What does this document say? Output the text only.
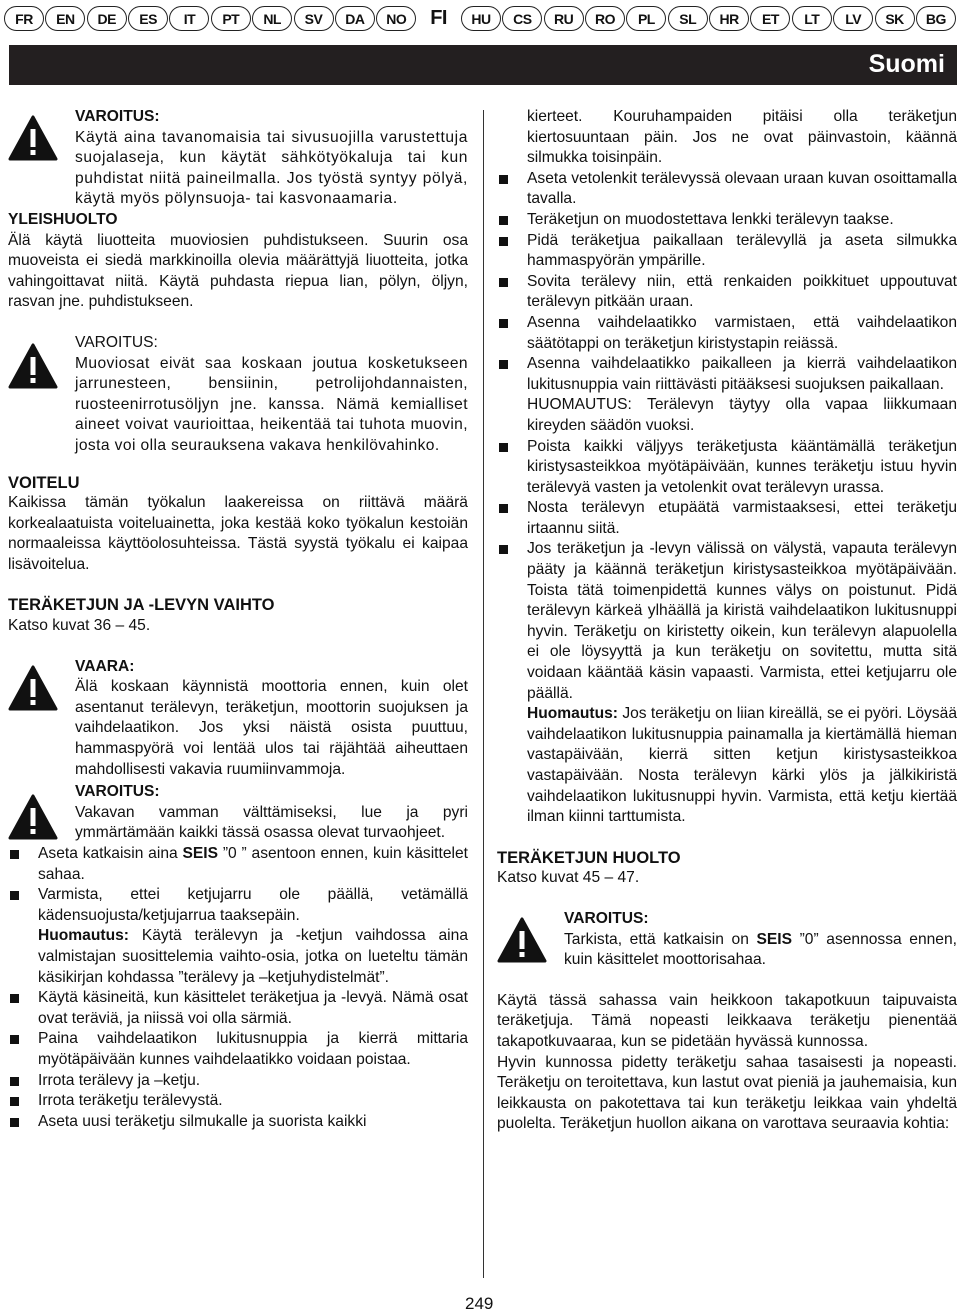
FR	EN	DE	ES	IT	PT	NL	SV	DA	NO	FI	HU	CS	RU	RO	PL	SL	HR	ET	LT	LV	SK	BG
Suomi
VAROITUS:

Käytä aina tavanomaisia tai sivusuojilla varustettuja suojalaseja, kun käytät sähkötyökaluja tai kun puhdistat niitä paineilmalla. Jos työstä syntyy pölyä, käytä myös pölynsuoja- tai kasvonaamaria.

YLEISHUOLTO

Älä käytä liuotteita muoviosien puhdistukseen. Suurin osa muoveista ei siedä markkinoilla olevia määrättyjä liuotteita, jotka vahingoittavat niitä. Käytä puhdasta riepua lian, pölyn, öljyn, rasvan jne. puhdistukseen.

VAROITUS:

Muoviosat eivät saa koskaan joutua kosketukseen jarrunesteen, bensiinin, petrolijohdannaisten, ruosteenirrotusöljyn jne. kanssa. Nämä kemialliset aineet voivat vaurioittaa, heikentää tai tuhota muovin, josta voi olla seurauksena vakava henkilövahinko.

VOITELU

Kaikissa tämän työkalun laakereissa on riittävä määrä korkealaatuista voiteluainetta, joka kestää koko työkalun kestoiän normaaleissa käyttöolosuhteissa. Tästä syystä työkalu ei kaipaa lisävoitelua.

TERÄKETJUN JA -LEVYN VAIHTO
Katso kuvat 36 – 45.
VAARA:

Älä koskaan käynnistä moottoria ennen, kuin olet asentanut terälevyn, teräketjun, moottorin suojuksen ja vaihdelaatikon. Jos yksi näistä osista puuttuu, hammaspyörä voi lentää ulos tai räjähtää aiheuttaen mahdollisesti vakavia ruumiinvammoja.

VAROITUS:

Vakavan vamman välttämiseksi, lue ja pyri ymmärtämään kaikki tässä osassa olevat turvaohjeet.

Aseta katkaisin aina SEIS ”0 ” asentoon ennen, kuin käsittelet sahaa.
Varmista, ettei ketjujarru ole päällä, vetämällä kädensuojusta/ketjujarrua taaksepäin.

Huomautus: Käytä terälevyn ja -ketjun vaihdossa aina valmistajan suosittelemia vaihto-osia, jotka on lueteltu tämän käsikirjan kohdassa ”terälevy ja –ketjuhydistelmät”.

Käytä käsineitä, kun käsittelet teräketjua ja -levyä. Nämä osat ovat teräviä, ja niissä voi olla särmiä.
Paina vaihdelaatikon lukitusnuppia ja kierrä mittaria myötäpäivään kunnes vaihdelaatikko voidaan poistaa.
Irrota terälevy ja –ketju.
Irrota teräketju terälevystä.
Aseta uusi teräketju silmukalle ja suorista kaikki

kierteet. Kouruhampaiden pitäisi olla teräketjun kiertosuuntaan päin. Jos ne ovat päinvastoin, käännä silmukka toisinpäin.

Aseta vetolenkit terälevyssä olevaan uraan kuvan osoittamalla tavalla.
Teräketjun on muodostettava lenkki terälevyn taakse.
Pidä teräketjua paikallaan terälevyllä ja aseta silmukka hammaspyörän ympärille.
Sovita terälevy niin, että renkaiden poikkituet uppoutuvat terälevyn pitkään uraan.
Asenna vaihdelaatikko varmistaen, että vaihdelaatikon säätötappi on teräketjun kiristystapin reiässä.
Asenna vaihdelaatikko paikalleen ja kierrä vaihdelaatikon lukitusnuppia vain riittävästi pitääksesi suojuksen paikallaan.

HUOMAUTUS: Terälevyn täytyy olla vapaa liikkumaan kireyden säädön vuoksi.

Poista kaikki väljyys teräketjusta kääntämällä teräketjun kiristysasteikkoa myötäpäivään, kunnes teräketju istuu hyvin terälevyä vasten ja vetolenkit ovat terälevyn urassa.
Nosta terälevyn etupäätä varmistaaksesi, ettei teräketju irtaannu siitä.
Jos teräketjun ja -levyn välissä on välystä, vapauta terälevyn pääty ja käännä teräketjun kiristysasteikkoa myötäpäivään. Toista tätä toimenpidettä kunnes välys on poistunut. Pidä terälevyn kärkeä ylhäällä ja kiristä vaihdelaatikon lukitusnuppi hyvin. Teräketju on kiristetty oikein, kun terälevyn alapuolella ei ole löysyyttä ja kun teräketju on sovitettu, mutta sitä voidaan kääntää käsin vapaasti. Varmista, ettei ketjujarru ole päällä.

Huomautus: Jos teräketju on liian kireällä, se ei pyöri. Löysää vaihdelaatikon lukitusnuppia painamalla ja kiertämällä hieman vastapäivään, kierrä sitten ketjun kiristysasteikkoa vastapäivään. Nosta terälevyn kärki ylös ja jälkikiristä vaihdelaatikon lukitusnuppi hyvin. Varmista, että ketju kiertää ilman kiinni tarttumista.

TERÄKETJUN HUOLTO
Katso kuvat 45 – 47.
VAROITUS:

Tarkista, että katkaisin on SEIS ”0” asennossa ennen, kuin käsittelet moottorisahaa.

Käytä tässä sahassa vain heikkoon takapotkuun taipuvaista teräketjuja. Tämä nopeasti leikkaava teräketju pienentää takapotkuvaaraa, kun se pidetään hyvässä kunnossa.

Hyvin kunnossa pidetty teräketju sahaa tasaisesti ja nopeasti. Teräketju on teroitettava, kun lastut ovat pieniä ja jauhemaisia, kun leikkausta on pakotettava tai kun teräketju leikkaa vain yhdeltä puolelta. Teräketjun huollon aikana on varottava seuraavia kohtia:

249
